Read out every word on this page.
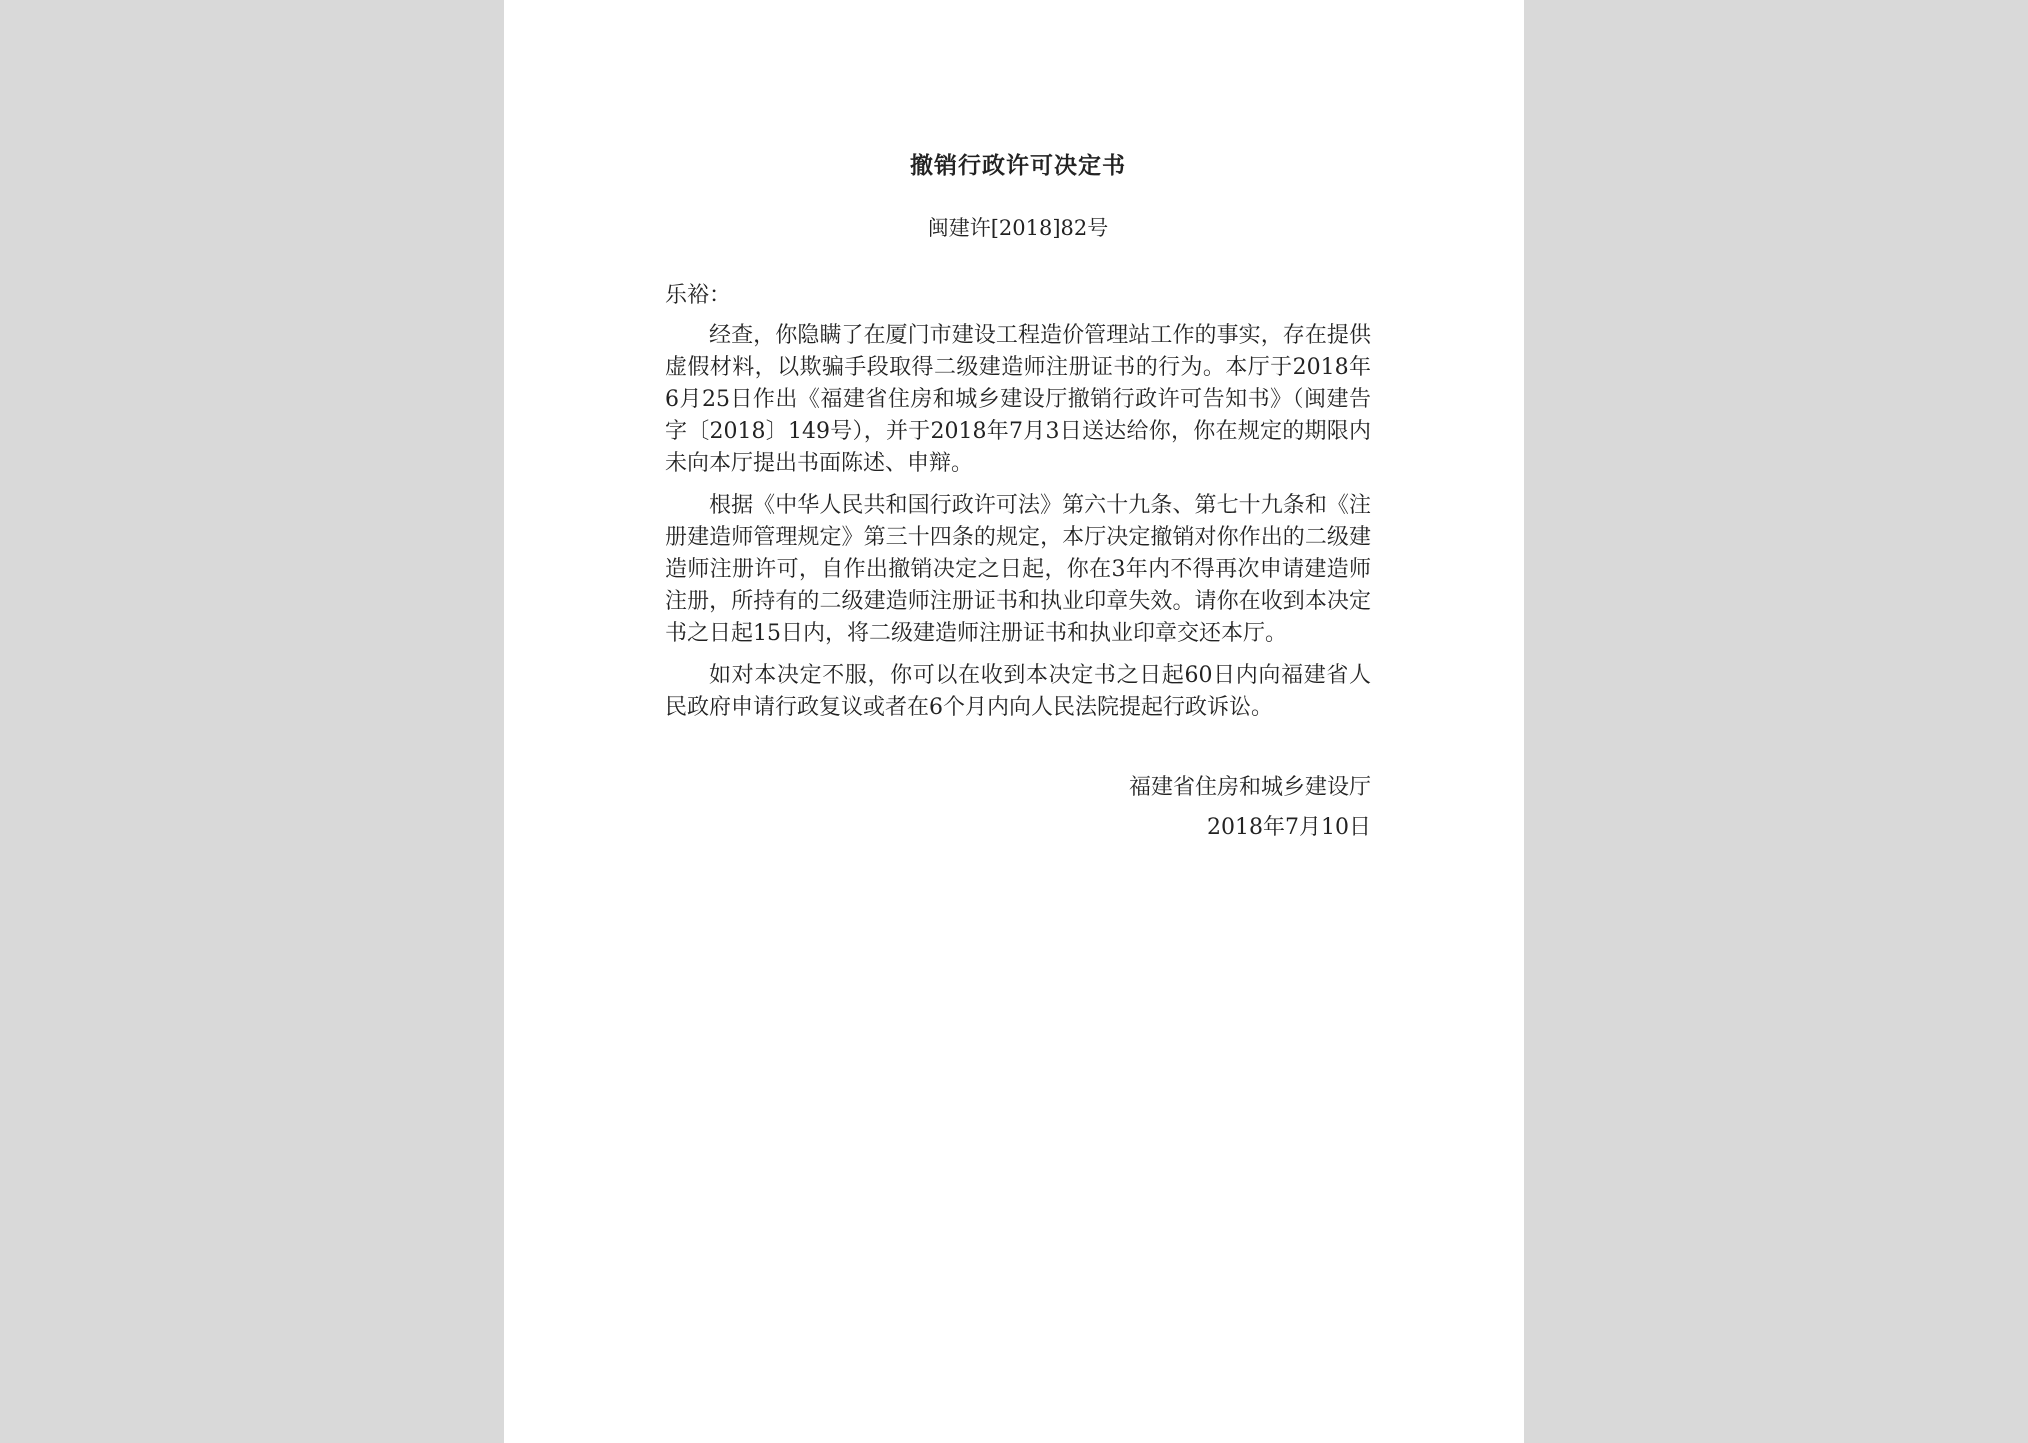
撤销行政许可决定书
闽建许[2018]82号
乐裕：

经查，你隐瞒了在厦门市建设工程造价管理站工作的事实，存在提供虚假材料，以欺骗手段取得二级建造师注册证书的行为。本厅于2018年6月25日作出《福建省住房和城乡建设厅撤销行政许可告知书》（闽建告字〔2018〕149号），并于2018年7月3日送达给你，你在规定的期限内未向本厅提出书面陈述、申辩。

根据《中华人民共和国行政许可法》第六十九条、第七十九条和《注册建造师管理规定》第三十四条的规定，本厅决定撤销对你作出的二级建造师注册许可，自作出撤销决定之日起，你在3年内不得再次申请建造师注册，所持有的二级建造师注册证书和执业印章失效。请你在收到本决定书之日起15日内，将二级建造师注册证书和执业印章交还本厅。

如对本决定不服，你可以在收到本决定书之日起60日内向福建省人民政府申请行政复议或者在6个月内向人民法院提起行政诉讼。

福建省住房和城乡建设厅
2018年7月10日
